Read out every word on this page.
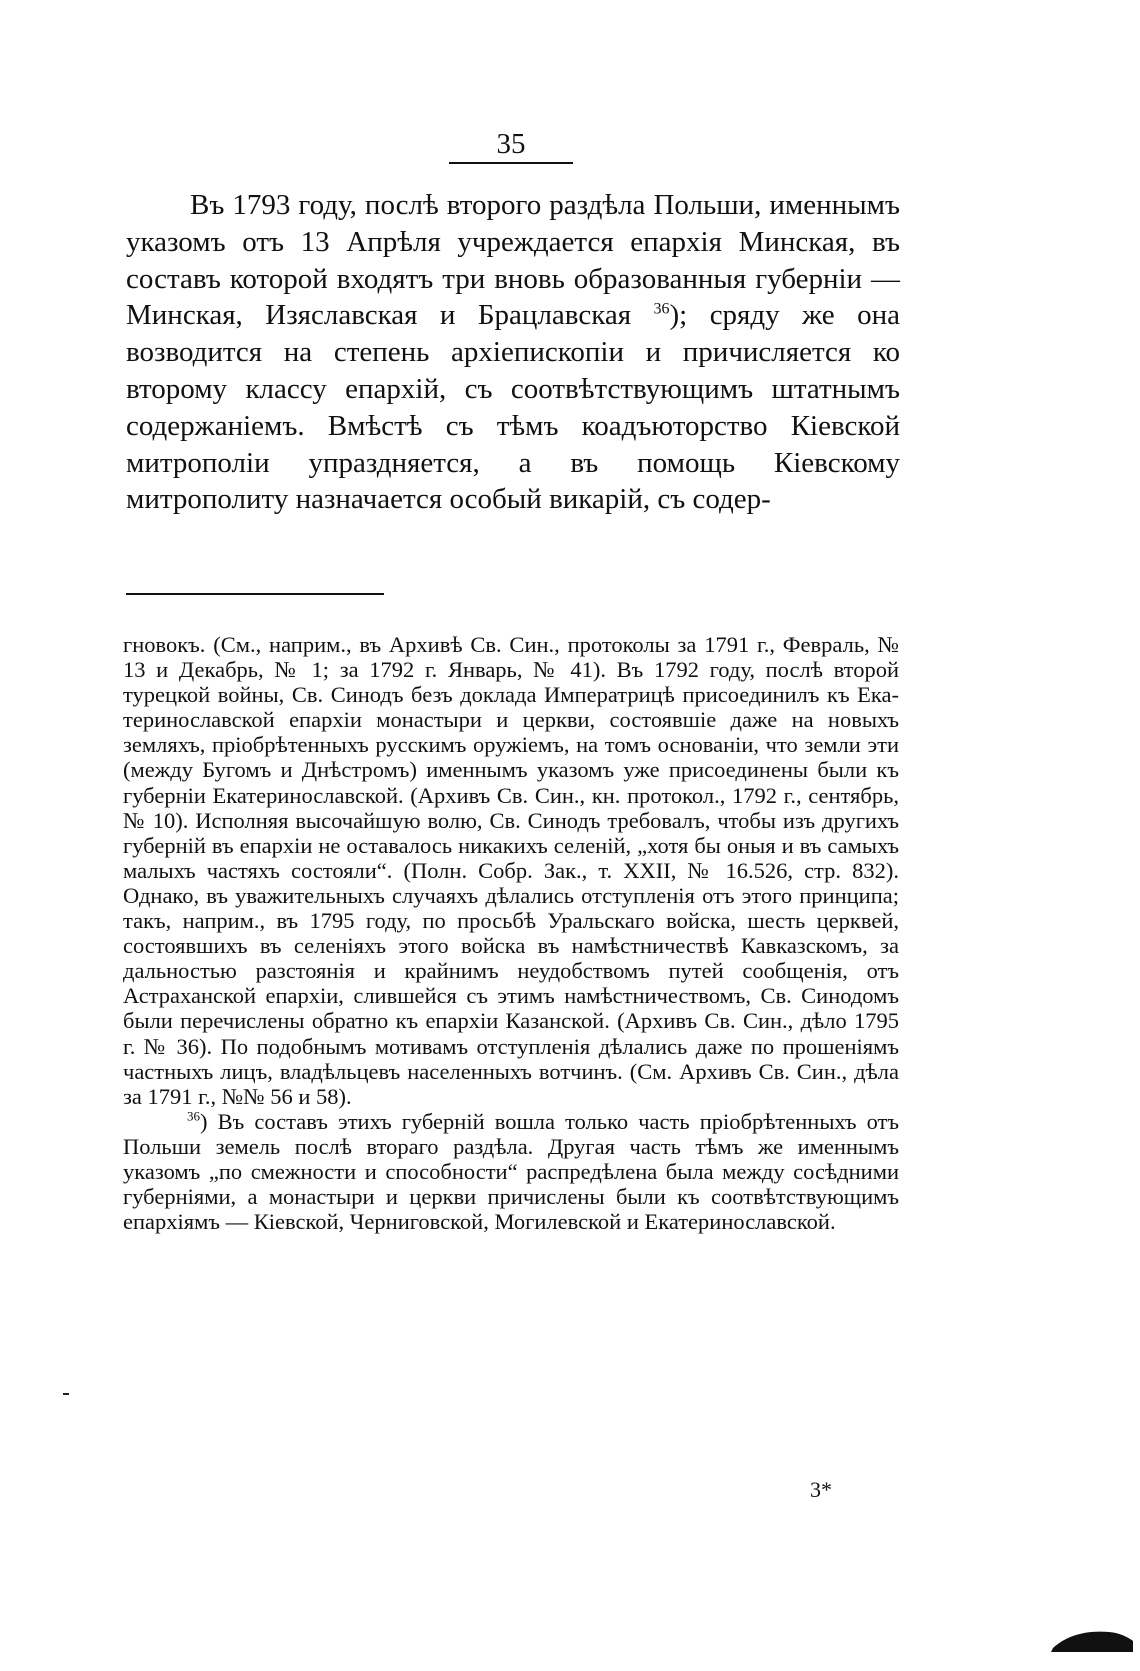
35

Въ 1793 году, послѣ второго раздѣла Польши, именнымъ указомъ отъ 13 Апрѣля учреждается епархія Минская, въ составъ которой входятъ три вновь образованныя губерніи — Минская, Изяславская и Брацлавская $^{36}$); сряду же она возводится на степень архіепископіи и причисляется ко второму классу епархій, съ соотвѣтствующимъ штатнымъ содержаніемъ. Вмѣстѣ съ тѣмъ коадъюторство Кіевской митрополіи упраздняется, а въ помощь Кіевскому митрополиту назначается особый викарій, съ содер-

гновокъ. (См., наприм., въ Архивѣ Св. Син., протоколы за 1791 г., Февраль, № 13 и Декабрь, № 1; за 1792 г. Январь, № 41). Въ 1792 году, послѣ второй турецкой войны, Св. Синодъ безъ доклада Императрицѣ присоединилъ къ Екатеринославской епархіи монастыри и церкви, состоявшіе даже на новыхъ земляхъ, пріобрѣтенныхъ русскимъ оружіемъ, на томъ основаніи, что земли эти (между Бугомъ и Днѣстромъ) именнымъ указомъ уже присоединены были къ губерніи Екатеринославской. (Архивъ Св. Син., кн. протокол., 1792 г., сентябрь, № 10). Исполняя высочайшую волю, Св. Синодъ требовалъ, чтобы изъ другихъ губерній въ епархіи не оставалось никакихъ селеній, „хотя бы оныя и въ самыхъ малыхъ частяхъ состояли“. (Полн. Собр. Зак., т. XXII, № 16.526, стр. 832). Однако, въ уважительныхъ случаяхъ дѣлались отступленія отъ этого принципа; такъ, наприм., въ 1795 году, по просьбѣ Уральскаго войска, шесть церквей, состоявшихъ въ селеніяхъ этого войска въ намѣстничествѣ Кавказскомъ, за дальностью разстоянія и крайнимъ неудобствомъ путей сообщенія, отъ Астраханской епархіи, слившейся съ этимъ намѣстничествомъ, Св. Синодомъ были перечислены обратно къ епархіи Казанской. (Архивъ Св. Син., дѣло 1795 г. № 36). По подобнымъ мотивамъ отступленія дѣлались даже по прошеніямъ частныхъ лицъ, владѣльцевъ населенныхъ вотчинъ. (См. Архивъ Св. Син., дѣла за 1791 г., №№ 56 и 58).

$^{36}$) Въ составъ этихъ губерній вошла только часть пріобрѣтенныхъ отъ Польши земель послѣ втораго раздѣла. Другая часть тѣмъ же именнымъ указомъ „по смежности и способности“ распредѣлена была между сосѣдними губерніями, а монастыри и церкви причислены были къ соотвѣтствующимъ епархіямъ — Кіевской, Черниговской, Могилевской и Екатеринославской.

3*
